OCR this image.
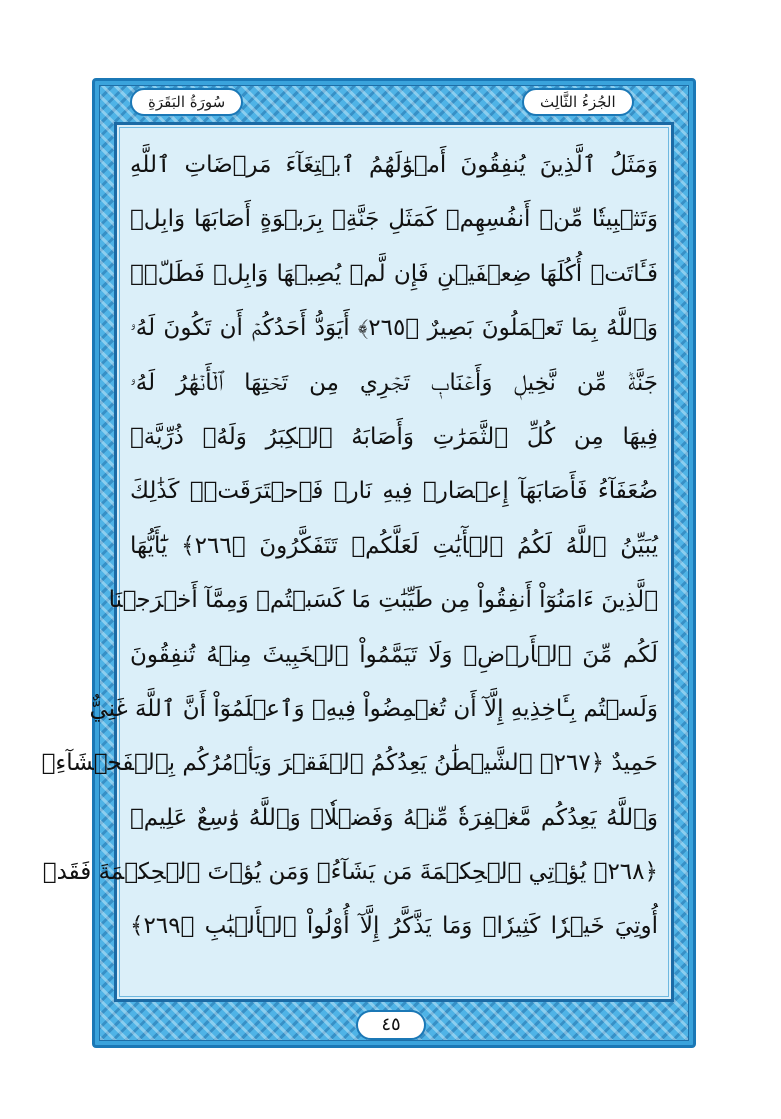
الجُزءُ الثَّالِث
سُورَةُ البَقَرَةِ
وَمَثَلُ ٱلَّذِينَ يُنفِقُونَ أَمۡوَٰلَهُمُ ٱبۡتِغَآءَ مَرۡضَاتِ ٱللَّهِ
وَتَثۡبِيتٗا مِّنۡ أَنفُسِهِمۡ كَمَثَلِ جَنَّةِۭ بِرَبۡوَةٍ أَصَابَهَا وَابِلٞ
فَـَٔاتَتۡ أُكُلَهَا ضِعۡفَيۡنِ فَإِن لَّمۡ يُصِبۡهَا وَابِلٞ فَطَلّٞۗ
وَٱللَّهُ بِمَا تَعۡمَلُونَ بَصِيرٌ ﴿٢٦٥﴾ أَيَوَدُّ أَحَدُكُمۡ أَن تَكُونَ لَهُۥ
جَنَّةٞ مِّن نَّخِيلٖ وَأَعۡنَابٖ تَجۡرِي مِن تَحۡتِهَا ٱلۡأَنۡهَٰرُ لَهُۥ
فِيهَا مِن كُلِّ ٱلثَّمَرَٰتِ وَأَصَابَهُ ٱلۡكِبَرُ وَلَهُۥ ذُرِّيَّةٞ
ضُعَفَآءُ فَأَصَابَهَآ إِعۡصَارٞ فِيهِ نَارٞ فَٱحۡتَرَقَتۡۗ كَذَٰلِكَ
يُبَيِّنُ ٱللَّهُ لَكُمُ ٱلۡأٓيَٰتِ لَعَلَّكُمۡ تَتَفَكَّرُونَ ﴿٢٦٦﴾ يَٰٓأَيُّهَا
ٱلَّذِينَ ءَامَنُوٓاْ أَنفِقُواْ مِن طَيِّبَٰتِ مَا كَسَبۡتُمۡ وَمِمَّآ أَخۡرَجۡنَا
لَكُم مِّنَ ٱلۡأَرۡضِۖ وَلَا تَيَمَّمُواْ ٱلۡخَبِيثَ مِنۡهُ تُنفِقُونَ
وَلَسۡتُم بِـَٔاخِذِيهِ إِلَّآ أَن تُغۡمِضُواْ فِيهِۚ وَٱعۡلَمُوٓاْ أَنَّ ٱللَّهَ غَنِيٌّ
حَمِيدٌ ﴿٢٦٧﴾ ٱلشَّيۡطَٰنُ يَعِدُكُمُ ٱلۡفَقۡرَ وَيَأۡمُرُكُم بِٱلۡفَحۡشَآءِۖ
وَٱللَّهُ يَعِدُكُم مَّغۡفِرَةٗ مِّنۡهُ وَفَضۡلٗاۗ وَٱللَّهُ وَٰسِعٌ عَلِيمٞ
﴿٢٦٨﴾ يُؤۡتِي ٱلۡحِكۡمَةَ مَن يَشَآءُۚ وَمَن يُؤۡتَ ٱلۡحِكۡمَةَ فَقَدۡ
أُوتِيَ خَيۡرٗا كَثِيرٗاۗ وَمَا يَذَّكَّرُ إِلَّآ أُوْلُواْ ٱلۡأَلۡبَٰبِ ﴿٢٦٩﴾
٤٥
